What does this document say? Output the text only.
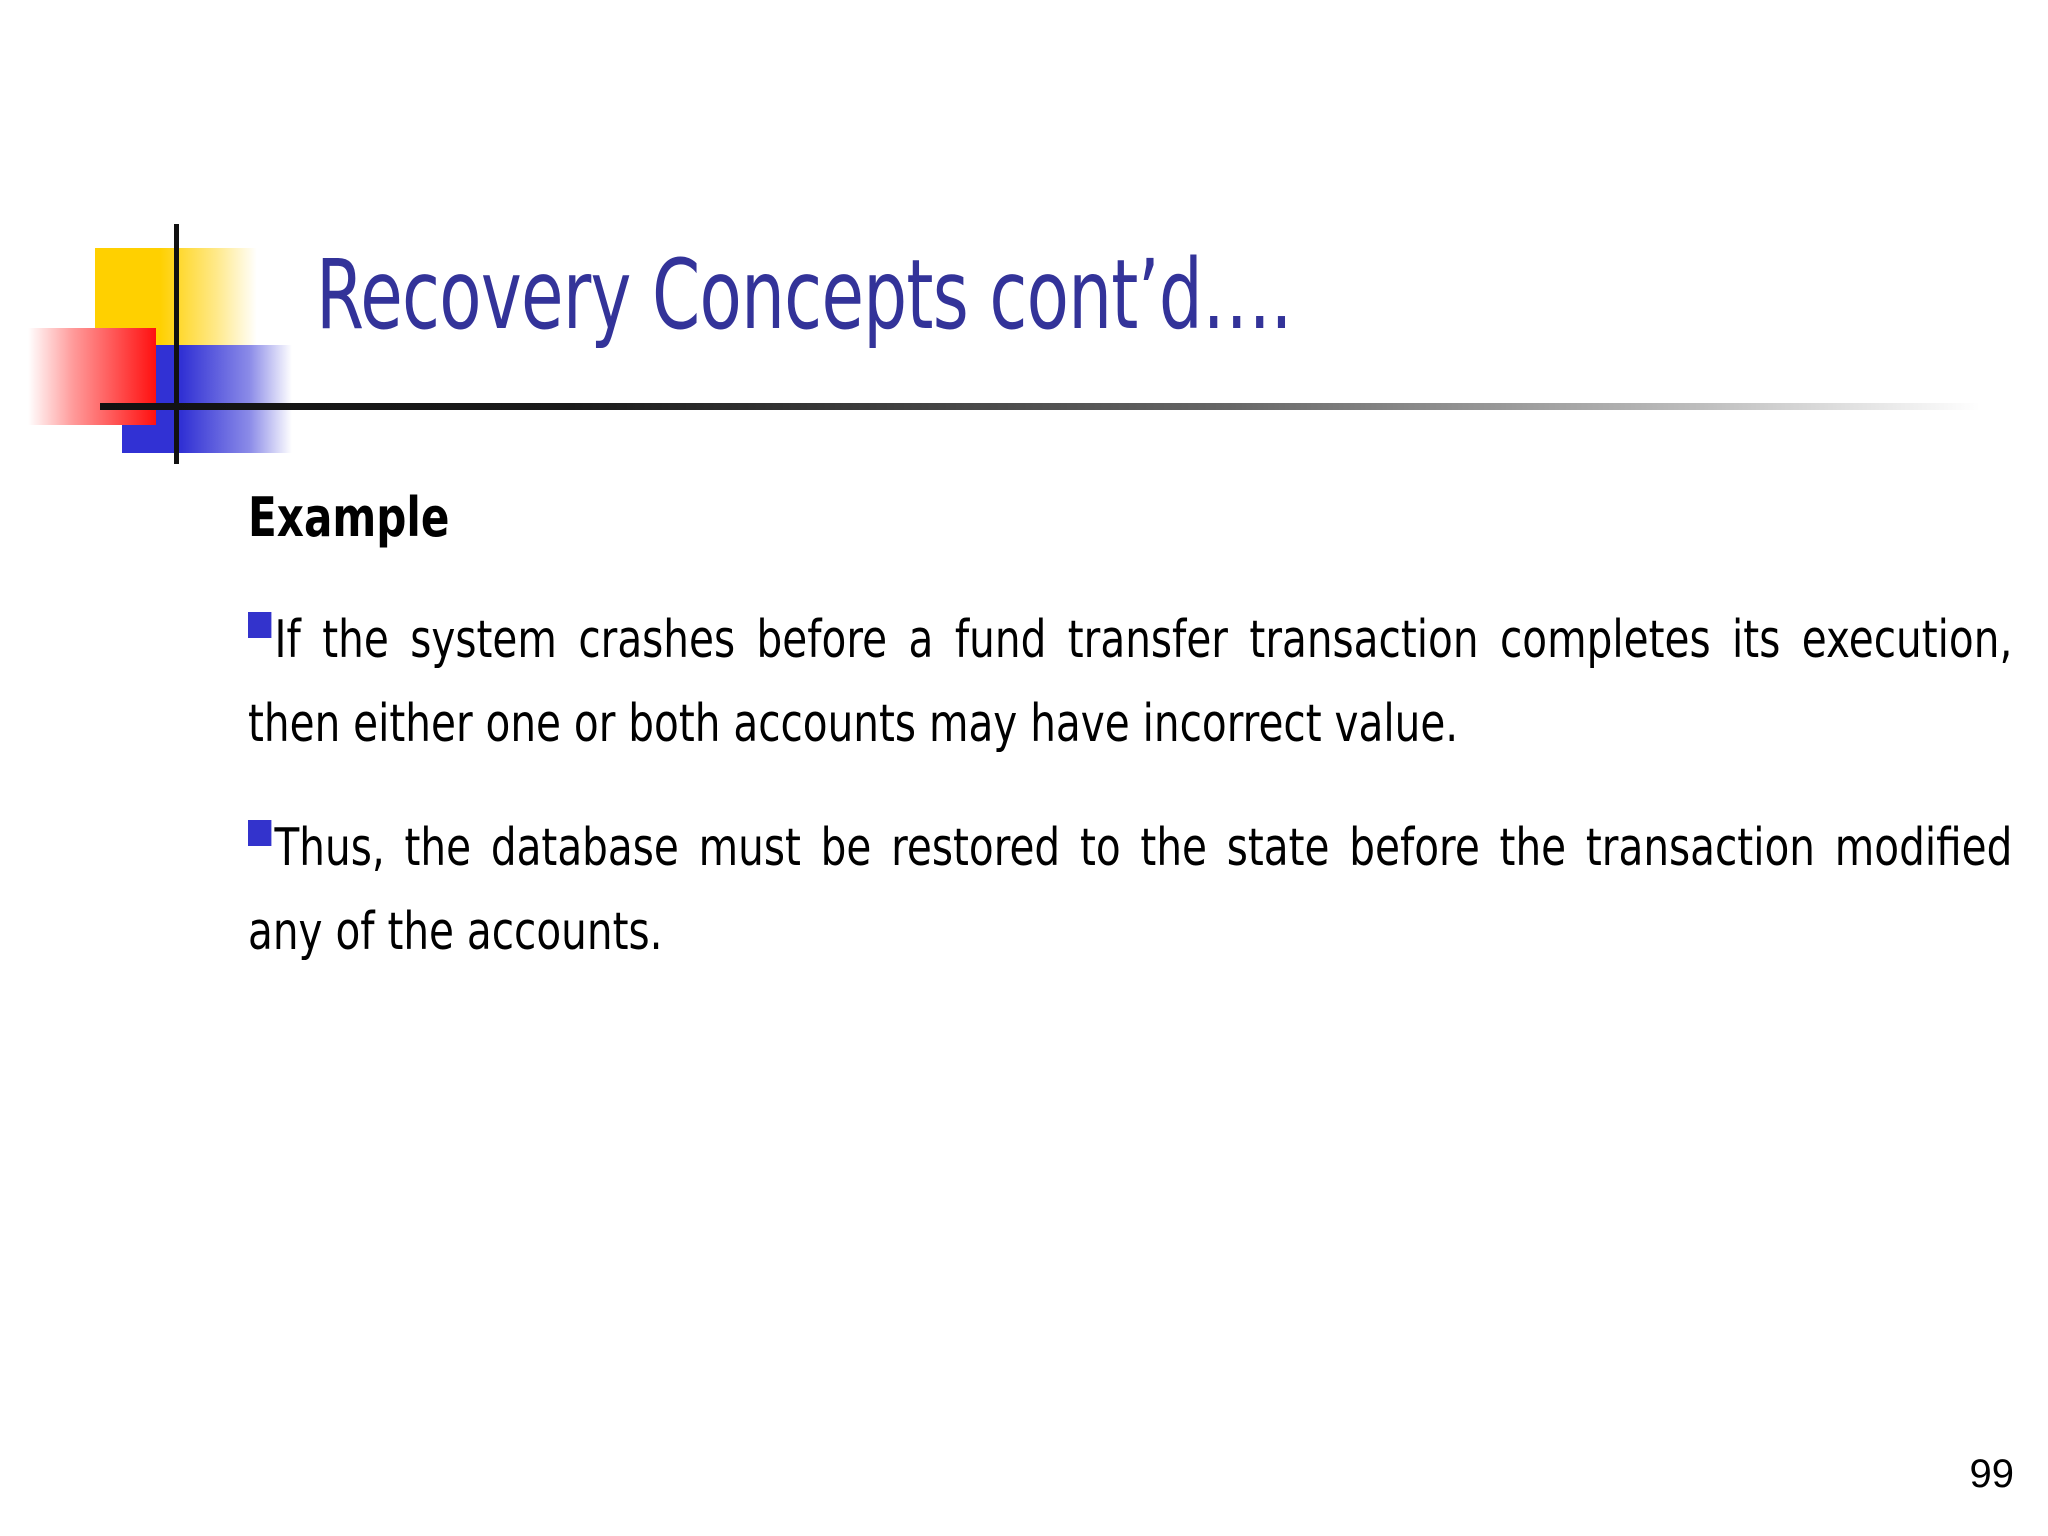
Recovery Concepts cont’d….
Example
If the system crashes before a fund transfer transaction completes its execution, then either one or both accounts may have incorrect value.
Thus, the database must be restored to the state before the transaction modified any of the accounts.
99
